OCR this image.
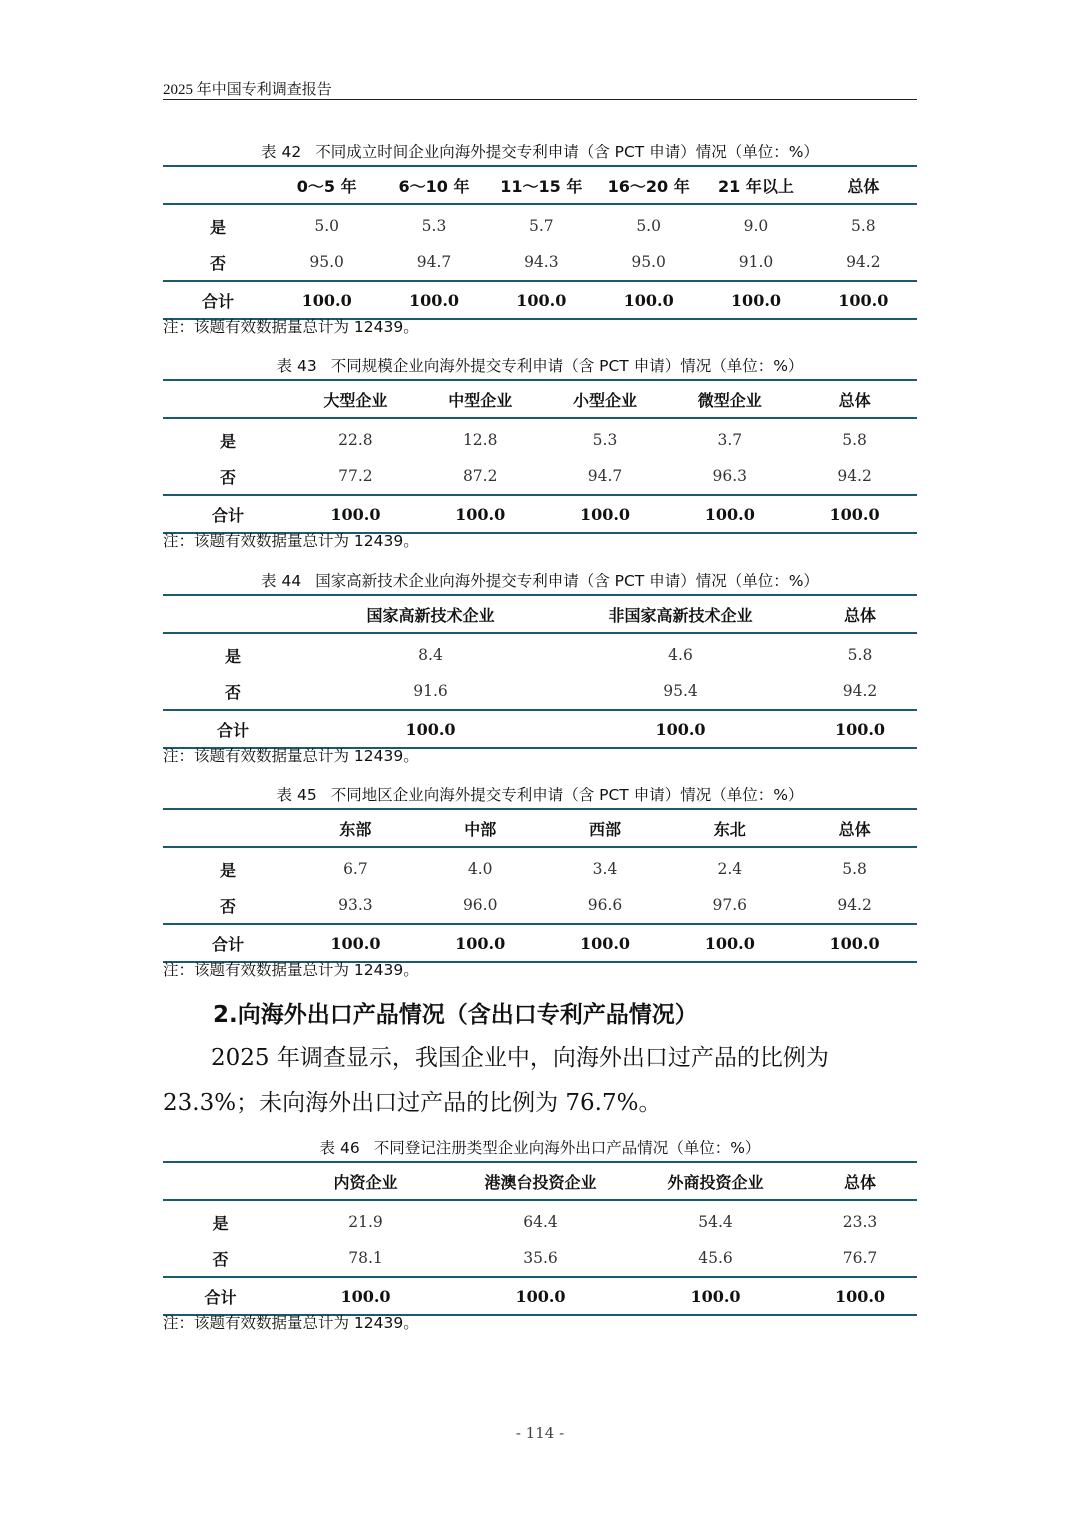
2025 年中国专利调查报告
表 42 不同成立时间企业向海外提交专利申请（含 PCT 申请）情况（单位：%）
	0～5 年	6～10 年	11～15 年	16～20 年	21 年以上	总体
是	5.0	5.3	5.7	5.0	9.0	5.8
否	95.0	94.7	94.3	95.0	91.0	94.2
合计	100.0	100.0	100.0	100.0	100.0	100.0
注：该题有效数据量总计为 12439。
表 43 不同规模企业向海外提交专利申请（含 PCT 申请）情况（单位：%）
	大型企业	中型企业	小型企业	微型企业	总体
是	22.8	12.8	5.3	3.7	5.8
否	77.2	87.2	94.7	96.3	94.2
合计	100.0	100.0	100.0	100.0	100.0
注：该题有效数据量总计为 12439。
表 44 国家高新技术企业向海外提交专利申请（含 PCT 申请）情况（单位：%）
	国家高新技术企业	非国家高新技术企业	总体
是	8.4	4.6	5.8
否	91.6	95.4	94.2
合计	100.0	100.0	100.0
注：该题有效数据量总计为 12439。
表 45 不同地区企业向海外提交专利申请（含 PCT 申请）情况（单位：%）
	东部	中部	西部	东北	总体
是	6.7	4.0	3.4	2.4	5.8
否	93.3	96.0	96.6	97.6	94.2
合计	100.0	100.0	100.0	100.0	100.0
注：该题有效数据量总计为 12439。
2.向海外出口产品情况（含出口专利产品情况）

2025 年调查显示，我国企业中，向海外出口过产品的比例为 23.3%；未向海外出口过产品的比例为 76.7%。

表 46 不同登记注册类型企业向海外出口产品情况（单位：%）
	内资企业	港澳台投资企业	外商投资企业	总体
是	21.9	64.4	54.4	23.3
否	78.1	35.6	45.6	76.7
合计	100.0	100.0	100.0	100.0
注：该题有效数据量总计为 12439。
- 114 -
